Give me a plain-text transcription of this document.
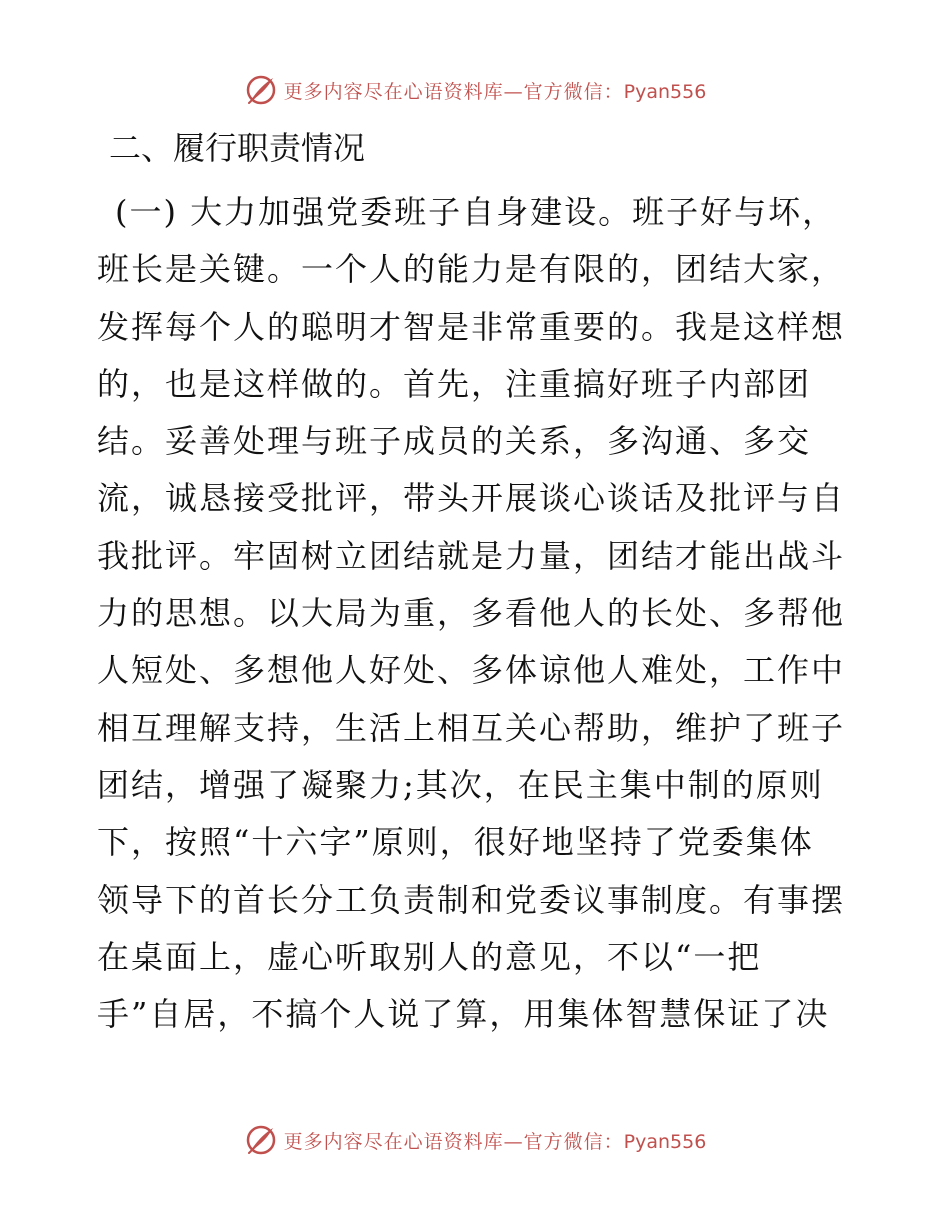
更多内容尽在心语资料库—官方微信：Pyan556
二、履行职责情况
(一) 大力加强党委班子自身建设。班子好与坏，
班长是关键。一个人的能力是有限的，团结大家，
发挥每个人的聪明才智是非常重要的。我是这样想
的，也是这样做的。首先，注重搞好班子内部团
结。妥善处理与班子成员的关系，多沟通、多交
流，诚恳接受批评，带头开展谈心谈话及批评与自
我批评。牢固树立团结就是力量，团结才能出战斗
力的思想。以大局为重，多看他人的长处、多帮他
人短处、多想他人好处、多体谅他人难处，工作中
相互理解支持，生活上相互关心帮助，维护了班子
团结，增强了凝聚力;其次，在民主集中制的原则
下，按照“十六字”原则，很好地坚持了党委集体
领导下的首长分工负责制和党委议事制度。有事摆
在桌面上，虚心听取别人的意见，不以“一把
手”自居，不搞个人说了算，用集体智慧保证了决
更多内容尽在心语资料库—官方微信：Pyan556
